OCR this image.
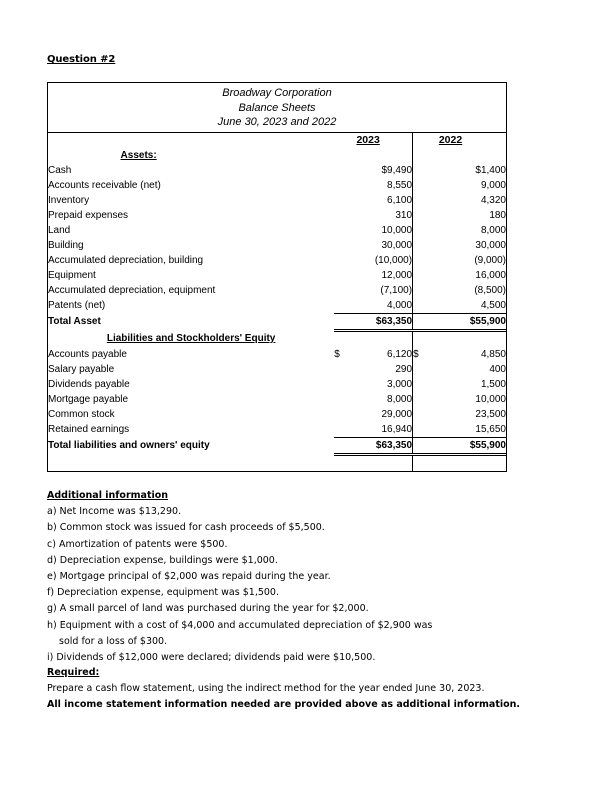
Question #2
Broadway Corporation
Balance Sheets
June 30, 2023 and 2022
	2023		2022	
Assets:				
Cash		$9,490		$1,400
Accounts receivable (net)		8,550		9,000
Inventory		6,100		4,320
Prepaid expenses		310		180
Land		10,000		8,000
Building		30,000		30,000
Accumulated depreciation, building		(10,000)		(9,000)
Equipment		12,000		16,000
Accumulated depreciation, equipment		(7,100)		(8,500)
Patents (net)		4,000		4,500
Total Asset		$63,350		$55,900
Liabilities and Stockholders' Equity				
Accounts payable	$	6,120	$	4,850
Salary payable		290		400
Dividends payable		3,000		1,500
Mortgage payable		8,000		10,000
Common stock		29,000		23,500
Retained earnings		16,940		15,650
Total liabilities and owners' equity		$63,350		$55,900

Additional information
a) Net Income was $13,290.
b) Common stock was issued for cash proceeds of $5,500.
c) Amortization of patents were $500.
d) Depreciation expense, buildings were $1,000.
e) Mortgage principal of $2,000 was repaid during the year.
f) Depreciation expense, equipment was $1,500.
g) A small parcel of land was purchased during the year for $2,000.
h) Equipment with a cost of $4,000 and accumulated depreciation of $2,900 was
sold for a loss of $300.
i) Dividends of $12,000 were declared; dividends paid were $10,500.
Required:
Prepare a cash flow statement, using the indirect method for the year ended June 30, 2023.
All income statement information needed are provided above as additional information.
